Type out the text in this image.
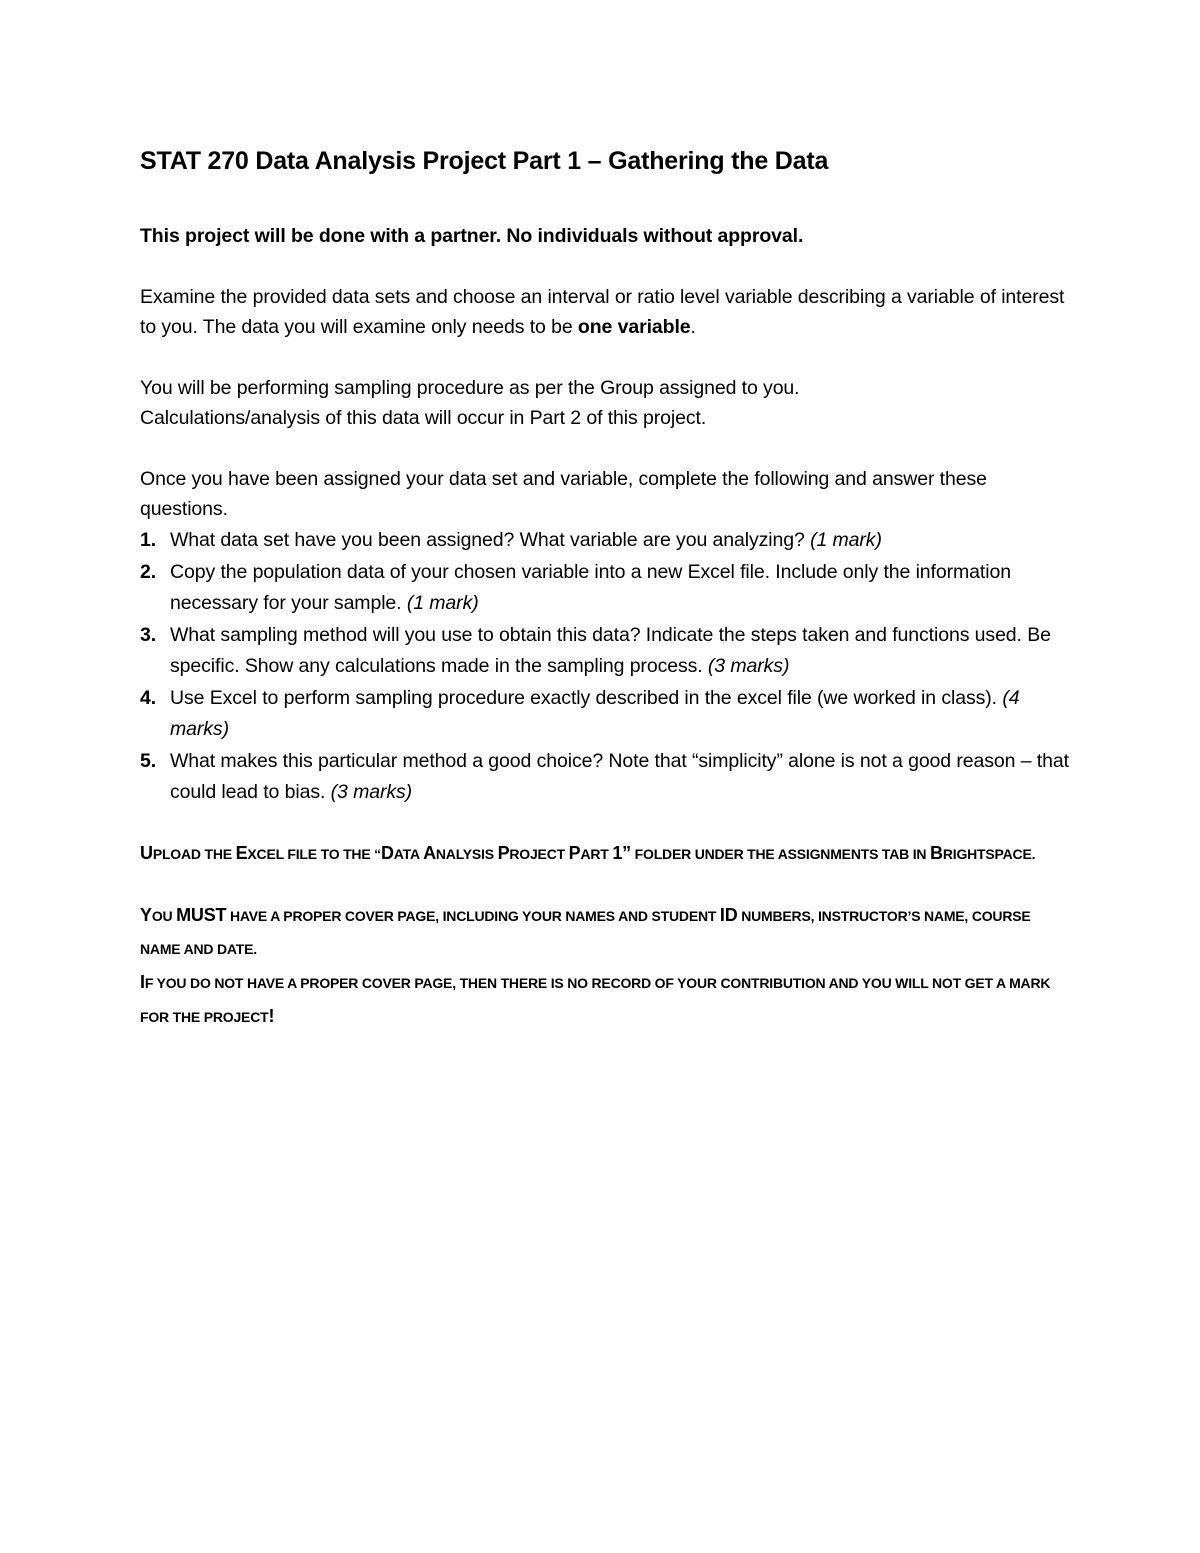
STAT 270 Data Analysis Project Part 1 – Gathering the Data
This project will be done with a partner. No individuals without approval.
Examine the provided data sets and choose an interval or ratio level variable describing a variable of interest to you. The data you will examine only needs to be one variable.
You will be performing sampling procedure as per the Group assigned to you.
Calculations/analysis of this data will occur in Part 2 of this project.
Once you have been assigned your data set and variable, complete the following and answer these questions.
1. What data set have you been assigned? What variable are you analyzing? (1 mark)
2. Copy the population data of your chosen variable into a new Excel file. Include only the information necessary for your sample. (1 mark)
3. What sampling method will you use to obtain this data? Indicate the steps taken and functions used. Be specific. Show any calculations made in the sampling process. (3 marks)
4. Use Excel to perform sampling procedure exactly described in the excel file (we worked in class). (4 marks)
5. What makes this particular method a good choice? Note that “simplicity” alone is not a good reason – that could lead to bias. (3 marks)
UPLOAD THE EXCEL FILE TO THE “DATA ANALYSIS PROJECT PART 1” FOLDER UNDER THE ASSIGNMENTS TAB IN BRIGHTSPACE.
YOU MUST HAVE A PROPER COVER PAGE, INCLUDING YOUR NAMES AND STUDENT ID NUMBERS, INSTRUCTOR’S NAME, COURSE NAME AND DATE.
IF YOU DO NOT HAVE A PROPER COVER PAGE, THEN THERE IS NO RECORD OF YOUR CONTRIBUTION AND YOU WILL NOT GET A MARK FOR THE PROJECT!
